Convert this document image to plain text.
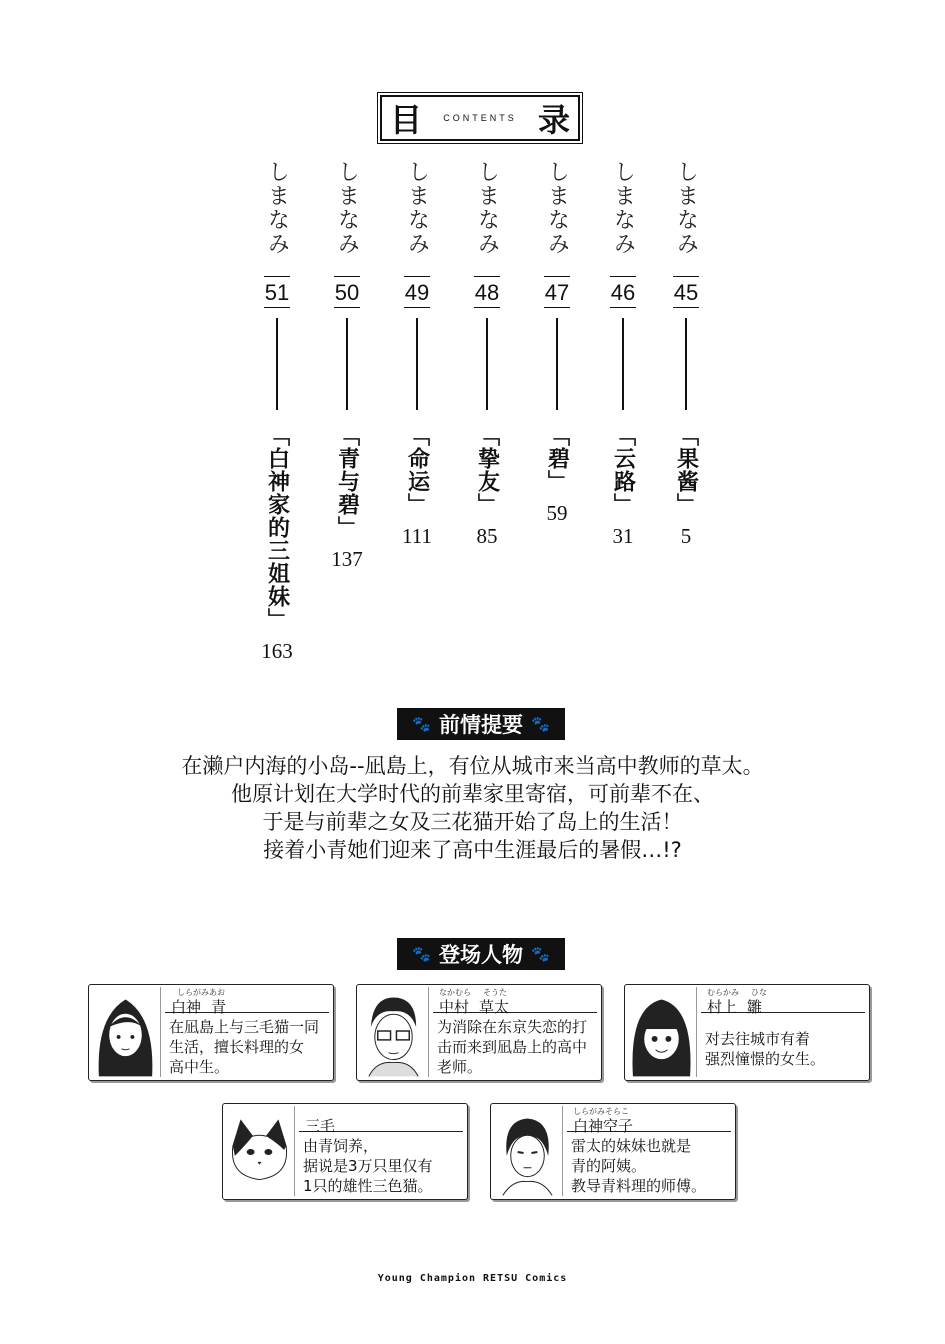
目 CONTENTS 录
しまなみ
51
「白神家的三姐妹」
163
しまなみ
50
「青与碧」
137
しまなみ
49
「命运」
111
しまなみ
48
「挚友」
85
しまなみ
47
「碧」
59
しまなみ
46
「云路」
31
しまなみ
45
「果酱」
5
🐾 前情提要 🐾

在濑户内海的小岛--凪島上，有位从城市来当高中教师的草太。

他原计划在大学时代的前辈家里寄宿，可前辈不在、

于是与前辈之女及三花猫开始了岛上的生活！

接着小青她们迎来了高中生涯最后的暑假…!?

🐾 登场人物 🐾
しらがみ あお
白神 青
在凪島上与三毛猫一同
生活，擅长料理的女
高中生。
なかむら そうた
中村 草太
为消除在东京失恋的打
击而来到凪島上的高中
老师。
むらかみ ひな
村上 雛
对去往城市有着
强烈憧憬的女生。
三毛
由青饲养，
据说是3万只里仅有
1只的雄性三色猫。
しらがみそらこ
白神空子
雷太的妹妹也就是
青的阿姨。
教导青料理的师傅。
Young Champion RETSU Comics
